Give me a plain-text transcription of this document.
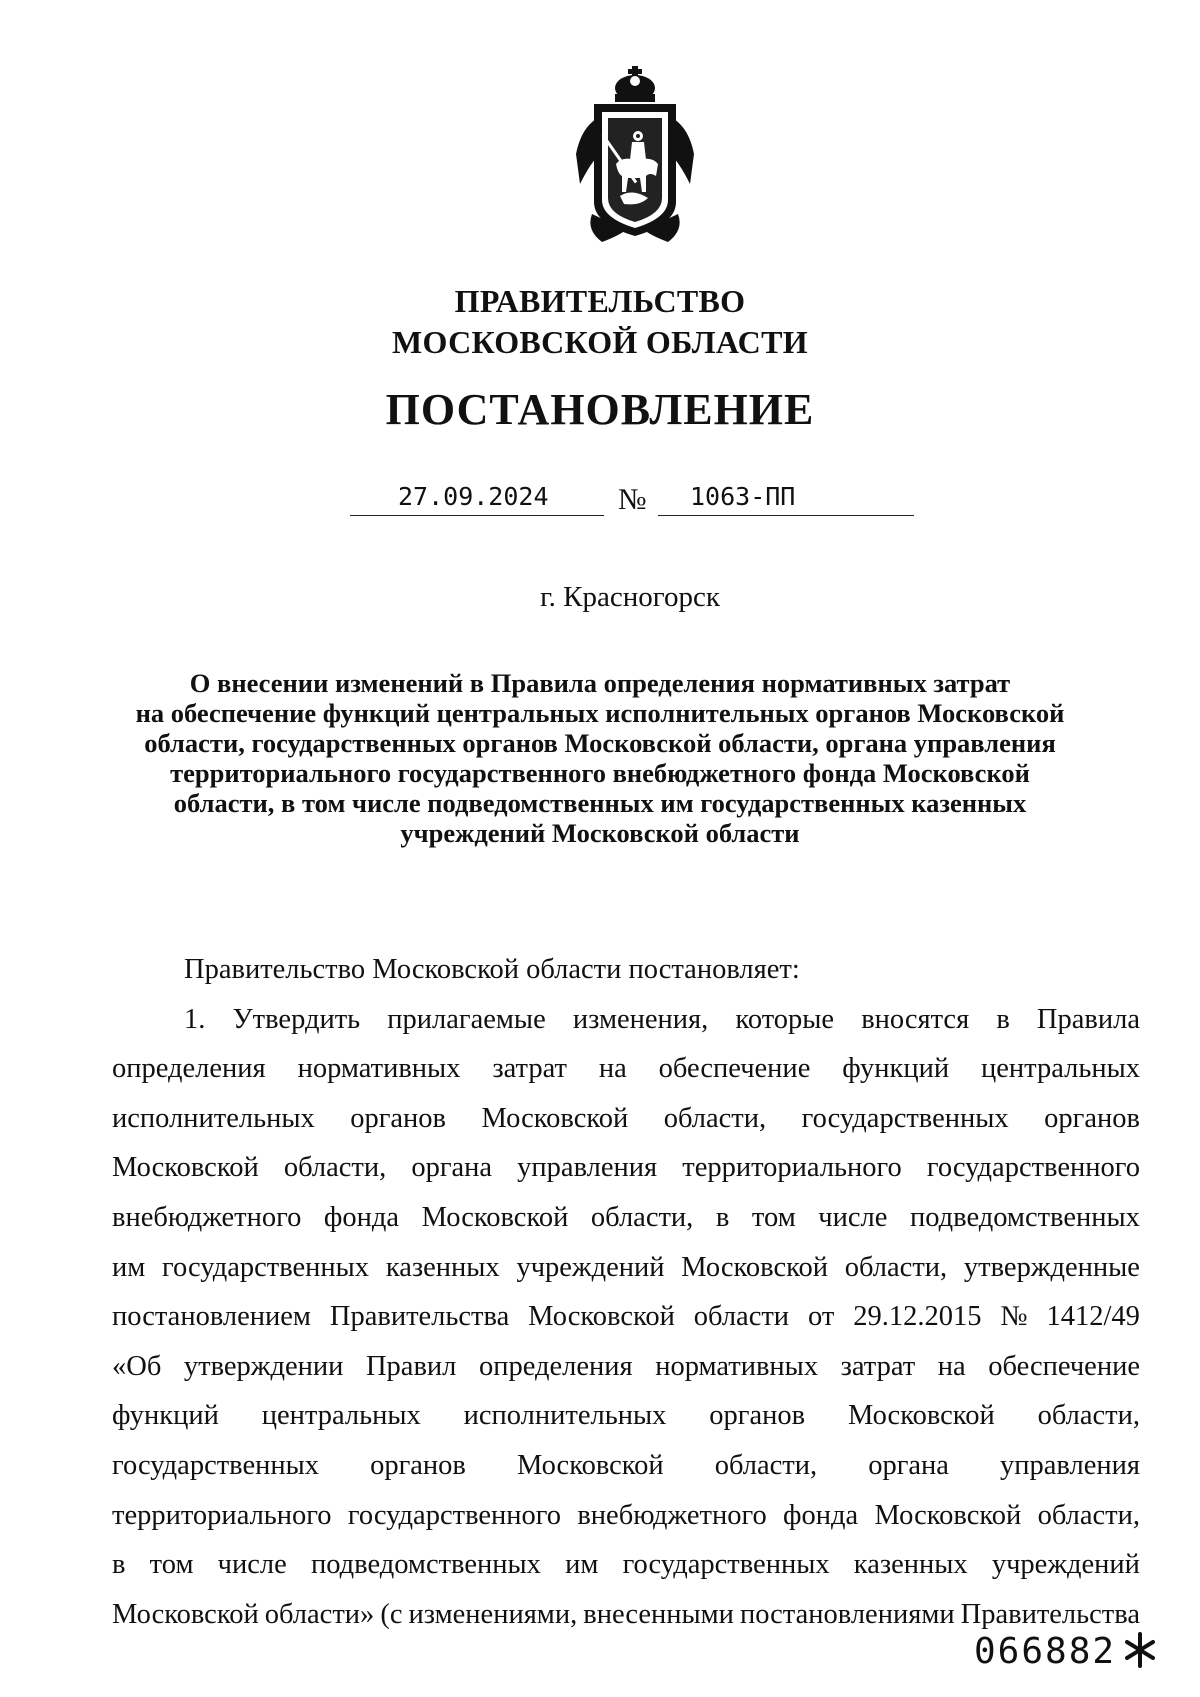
ПРАВИТЕЛЬСТВО
МОСКОВСКОЙ ОБЛАСТИ
ПОСТАНОВЛЕНИЕ
27.09.2024 № 1063-ПП
г. Красногорск
О внесении изменений в Правила определения нормативных затрат
на обеспечение функций центральных исполнительных органов Московской
области, государственных органов Московской области, органа управления
территориального государственного внебюджетного фонда Московской
области, в том числе подведомственных им государственных казенных
учреждений Московской области
Правительство Московской области постановляет:
1. Утвердить прилагаемые изменения, которые вносятся в Правила
определения нормативных затрат на обеспечение функций центральных
исполнительных органов Московской области, государственных органов
Московской области, органа управления территориального государственного
внебюджетного фонда Московской области, в том числе подведомственных
им государственных казенных учреждений Московской области, утвержденные
постановлением Правительства Московской области от 29.12.2015 № 1412/49
«Об утверждении Правил определения нормативных затрат на обеспечение
функций центральных исполнительных органов Московской области,
государственных органов Московской области, органа управления
территориального государственного внебюджетного фонда Московской области,
в том числе подведомственных им государственных казенных учреждений
Московской области» (с изменениями, внесенными постановлениями Правительства
066882
